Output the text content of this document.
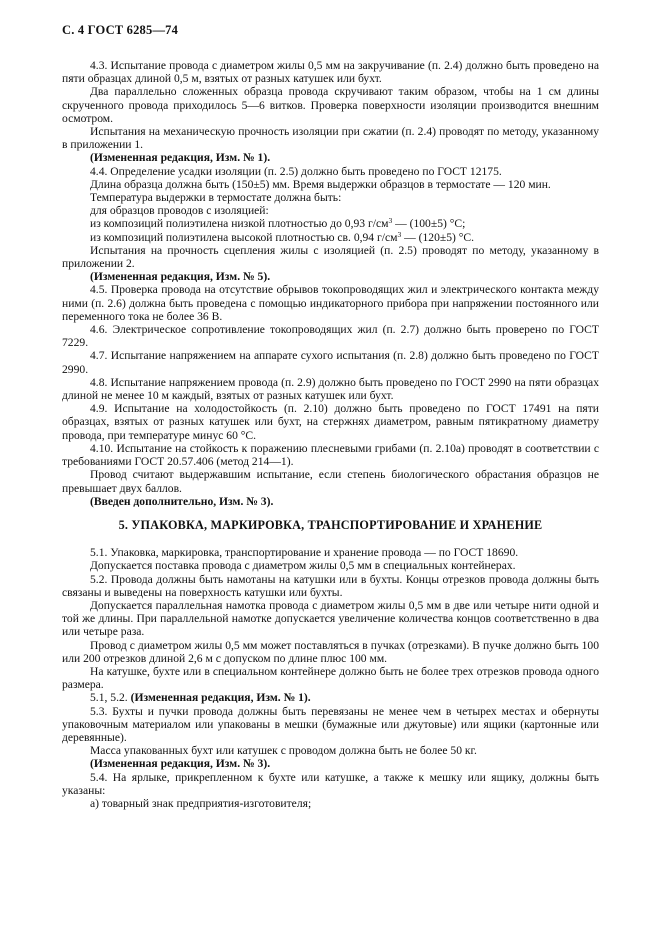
С. 4 ГОСТ 6285—74

4.3. Испытание провода с диаметром жилы 0,5 мм на закручивание (п. 2.4) должно быть проведено на пяти образцах длиной 0,5 м, взятых от разных катушек или бухт.

Два параллельно сложенных образца провода скручивают таким образом, чтобы на 1 см длины скрученного провода приходилось 5—6 витков. Проверка поверхности изоляции производится внешним осмотром.

Испытания на механическую прочность изоляции при сжатии (п. 2.4) проводят по методу, указанному в приложении 1.

(Измененная редакция, Изм. № 1).

4.4. Определение усадки изоляции (п. 2.5) должно быть проведено по ГОСТ 12175.

Длина образца должна быть (150±5) мм. Время выдержки образцов в термостате — 120 мин.

Температура выдержки в термостате должна быть:

для образцов проводов с изоляцией:

из композиций полиэтилена низкой плотностью до 0,93 $г/см^3$ — (100±5) °С;

из композиций полиэтилена высокой плотностью св. 0,94 $г/см^3$ — (120±5) °С.

Испытания на прочность сцепления жилы с изоляцией (п. 2.5) проводят по методу, указанному в приложении 2.

(Измененная редакция, Изм. № 5).

4.5. Проверка провода на отсутствие обрывов токопроводящих жил и электрического контакта между ними (п. 2.6) должна быть проведена с помощью индикаторного прибора при напряжении постоянного или переменного тока не более 36 В.

4.6. Электрическое сопротивление токопроводящих жил (п. 2.7) должно быть проверено по ГОСТ 7229.

4.7. Испытание напряжением на аппарате сухого испытания (п. 2.8) должно быть проведено по ГОСТ 2990.

4.8. Испытание напряжением провода (п. 2.9) должно быть проведено по ГОСТ 2990 на пяти образцах длиной не менее 10 м каждый, взятых от разных катушек или бухт.

4.9. Испытание на холодостойкость (п. 2.10) должно быть проведено по ГОСТ 17491 на пяти образцах, взятых от разных катушек или бухт, на стержнях диаметром, равным пятикратному диаметру провода, при температуре минус 60 °С.

4.10. Испытание на стойкость к поражению плесневыми грибами (п. 2.10а) проводят в соответствии с требованиями ГОСТ 20.57.406 (метод 214—1).

Провод считают выдержавшим испытание, если степень биологического обрастания образцов не превышает двух баллов.

(Введен дополнительно, Изм. № 3).

5. УПАКОВКА, МАРКИРОВКА, ТРАНСПОРТИРОВАНИЕ И ХРАНЕНИЕ

5.1. Упаковка, маркировка, транспортирование и хранение провода — по ГОСТ 18690.

Допускается поставка провода с диаметром жилы 0,5 мм в специальных контейнерах.

5.2. Провода должны быть намотаны на катушки или в бухты. Концы отрезков провода должны быть связаны и выведены на поверхность катушки или бухты.

Допускается параллельная намотка провода с диаметром жилы 0,5 мм в две или четыре нити одной и той же длины. При параллельной намотке допускается увеличение количества концов соответственно в два или четыре раза.

Провод с диаметром жилы 0,5 мм может поставляться в пучках (отрезками). В пучке должно быть 100 или 200 отрезков длиной 2,6 м с допуском по длине плюс 100 мм.

На катушке, бухте или в специальном контейнере должно быть не более трех отрезков провода одного размера.

5.1, 5.2. (Измененная редакция, Изм. № 1).

5.3. Бухты и пучки провода должны быть перевязаны не менее чем в четырех местах и обернуты упаковочным материалом или упакованы в мешки (бумажные или джутовые) или ящики (картонные или деревянные).

Масса упакованных бухт или катушек с проводом должна быть не более 50 кг.

(Измененная редакция, Изм. № 3).

5.4. На ярлыке, прикрепленном к бухте или катушке, а также к мешку или ящику, должны быть указаны:

а) товарный знак предприятия-изготовителя;
